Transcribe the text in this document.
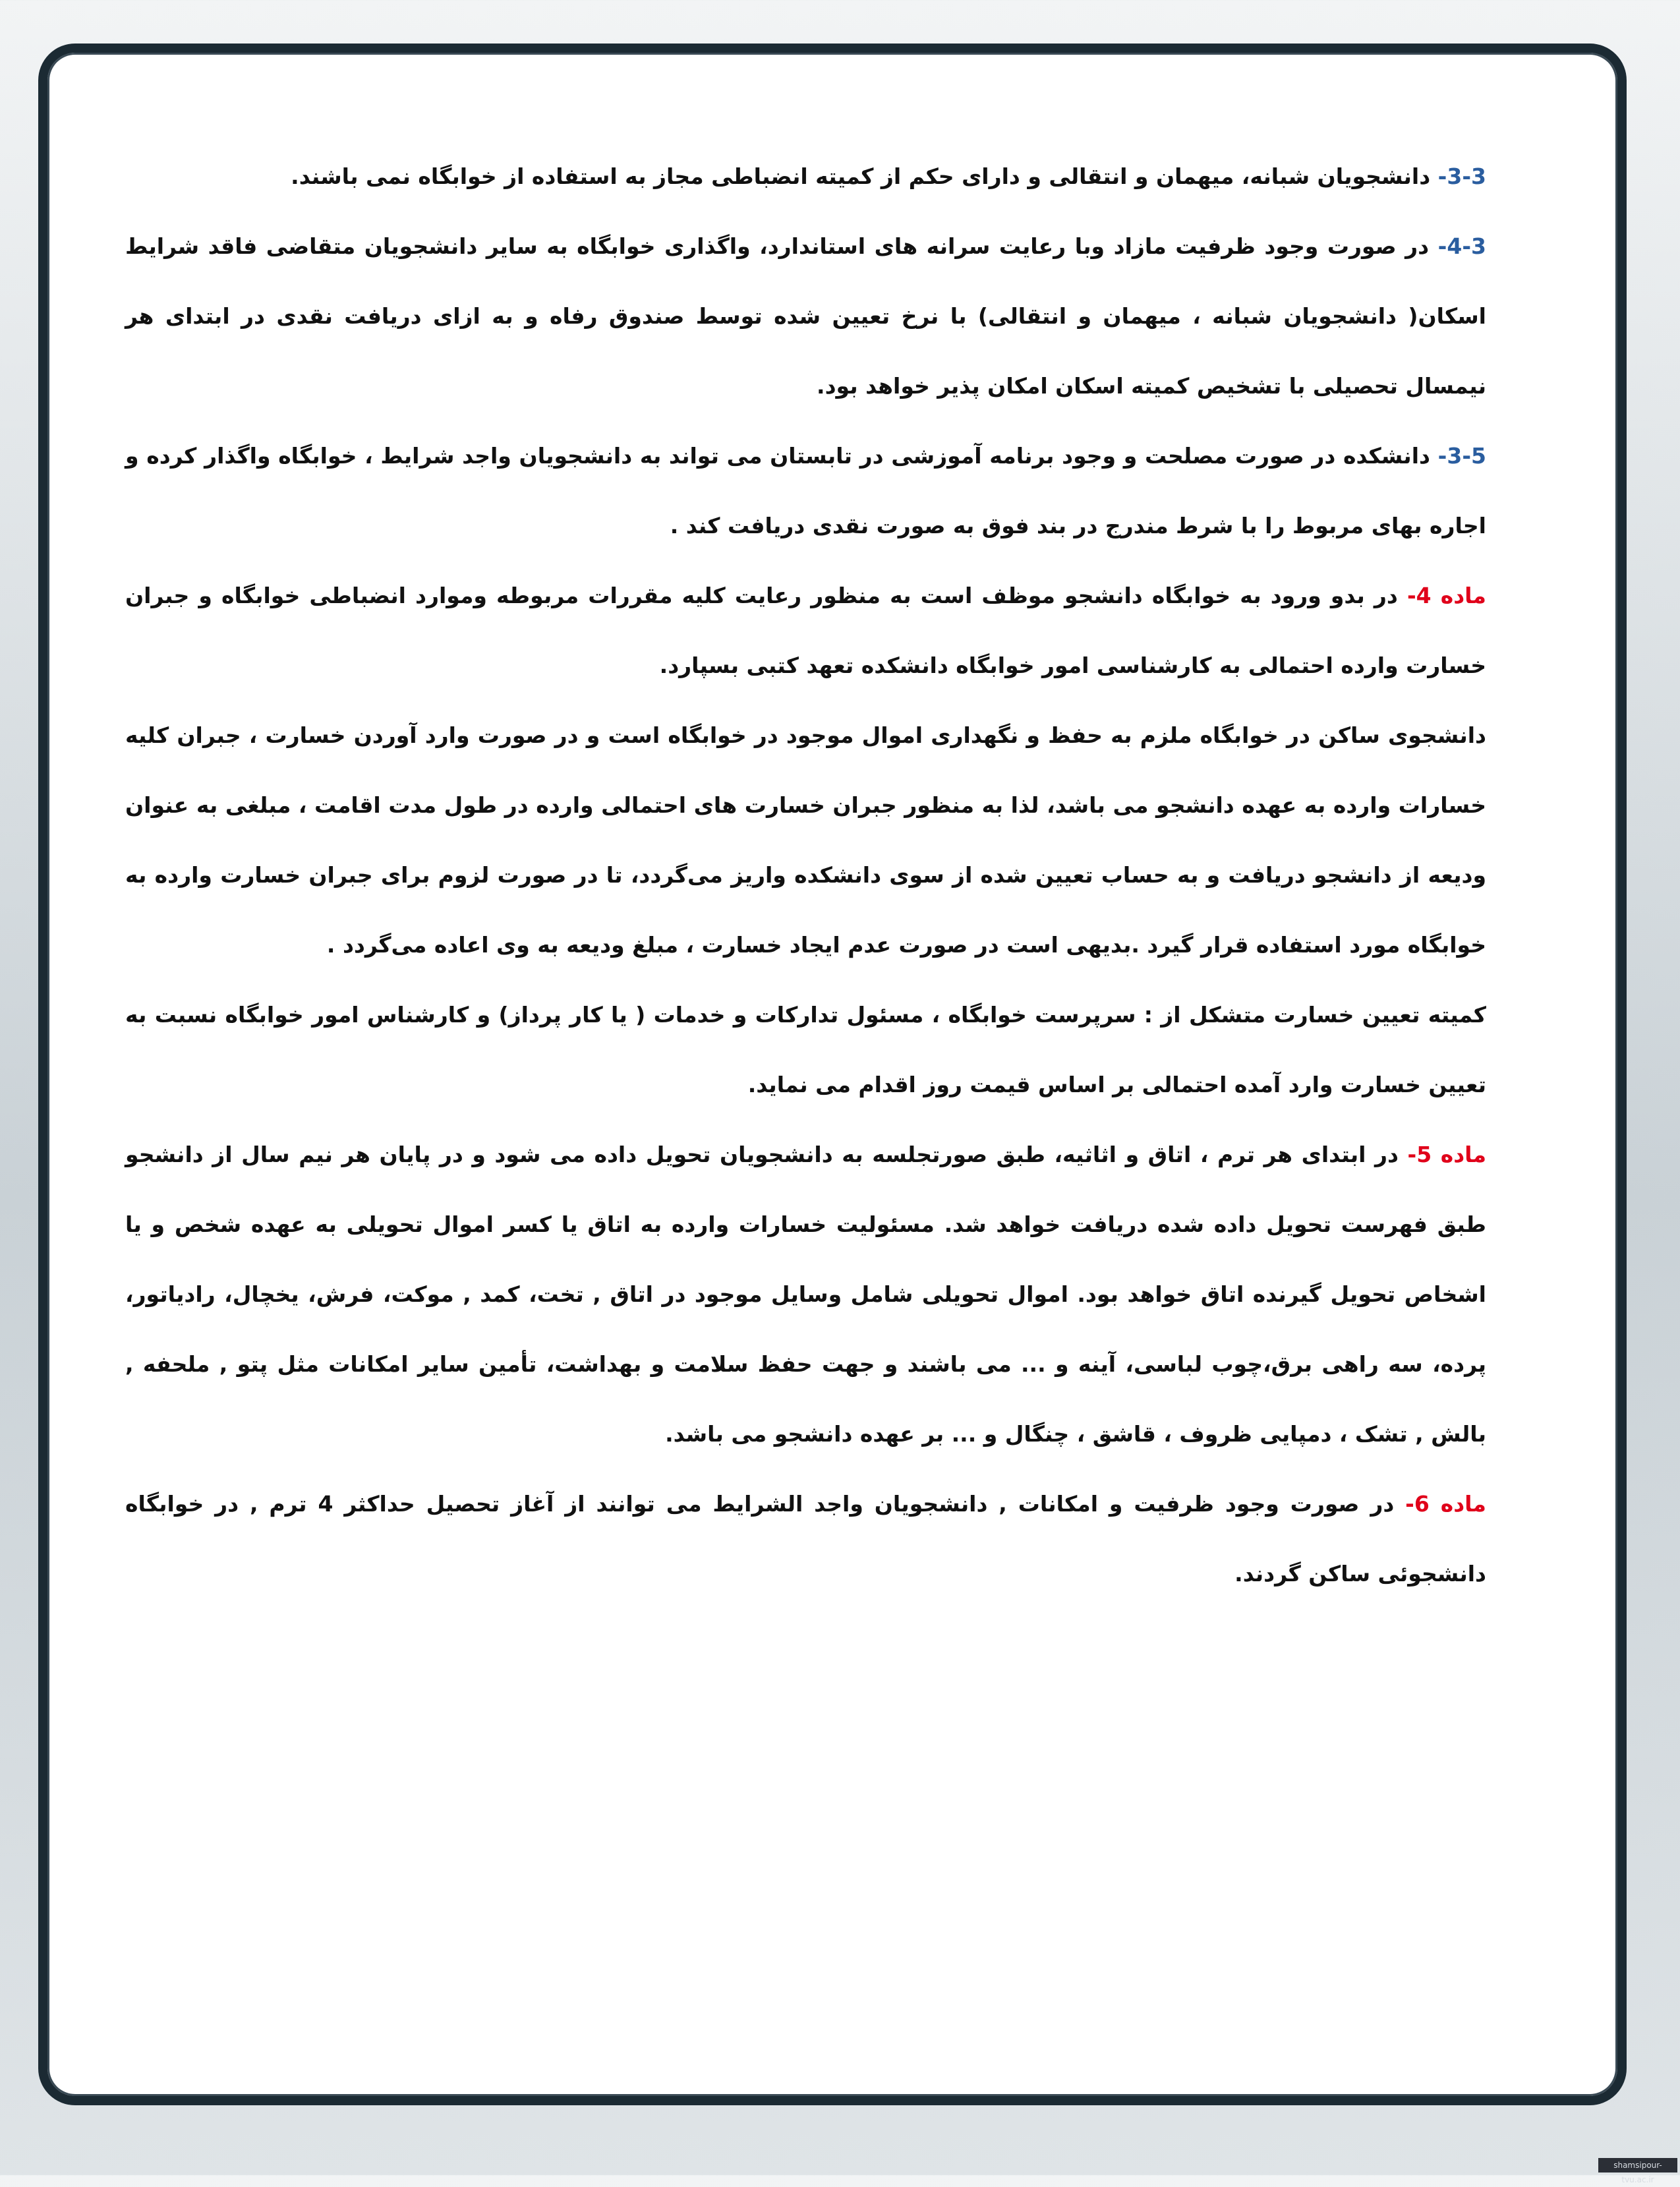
3-3- دانشجویان شبانه، میهمان و انتقالی و دارای حکم از کمیته انضباطی مجاز به استفاده از خوابگاه نمی باشند.

4-3- در صورت وجود ظرفیت مازاد وبا رعایت سرانه های استاندارد، واگذاری خوابگاه به سایر دانشجویان متقاضی فاقد شرایط اسکان( دانشجویان شبانه ، میهمان و انتقالی) با نرخ تعیین شده توسط صندوق رفاه و به ازای دریافت نقدی در ابتدای هر نیمسال تحصیلی با تشخیص کمیته اسکان امکان پذیر خواهد بود.

3-5- دانشکده در صورت مصلحت و وجود برنامه آموزشی در تابستان می تواند به دانشجویان واجد شرایط ، خوابگاه واگذار کرده و اجاره بهای مربوط را با شرط مندرج در بند فوق به صورت نقدی دریافت کند .

ماده 4- در بدو ورود به خوابگاه دانشجو موظف است به منظور رعایت کلیه مقررات مربوطه وموارد انضباطی خوابگاه و جبران خسارت وارده احتمالی به کارشناسی امور خوابگاه دانشکده تعهد کتبی بسپارد.

دانشجوی ساکن در خوابگاه ملزم به حفظ و نگهداری اموال موجود در خوابگاه است و در صورت وارد آوردن خسارت ، جبران کلیه خسارات وارده به عهده دانشجو می باشد، لذا به منظور جبران خسارت های احتمالی وارده در طول مدت اقامت ، مبلغی به عنوان ودیعه از دانشجو دریافت و به حساب تعیین شده از سوی دانشکده واریز می‌گردد، تا در صورت لزوم برای جبران خسارت وارده به خوابگاه مورد استفاده قرار گیرد .بدیهی است در صورت عدم ایجاد خسارت ، مبلغ ودیعه به وی اعاده می‌گردد .

کمیته تعیین خسارت متشکل از : سرپرست خوابگاه ، مسئول تدارکات و خدمات ( یا کار پرداز) و کارشناس امور خوابگاه نسبت به تعیین خسارت وارد آمده احتمالی بر اساس قیمت روز اقدام می نماید.

ماده 5- در ابتدای هر ترم ، اتاق و اثاثیه، طبق صورتجلسه به دانشجویان تحویل داده می شود و در پایان هر نیم سال از دانشجو طبق فهرست تحویل داده شده دریافت خواهد شد. مسئولیت خسارات وارده به اتاق یا کسر اموال تحویلی به عهده شخص و یا اشخاص تحویل گیرنده اتاق خواهد بود. اموال تحویلی شامل وسایل موجود در اتاق , تخت، کمد , موکت، فرش، یخچال، رادیاتور، پرده، سه راهی برق،چوب لباسی، آینه و ... می باشند و جهت حفظ سلامت و بهداشت، تأمین سایر امکانات مثل پتو , ملحفه , بالش , تشک ، دمپایی ظروف ، قاشق ، چنگال و ... بر عهده دانشجو می باشد.

ماده 6- در صورت وجود ظرفیت و امکانات , دانشجویان واجد الشرایط می توانند از آغاز تحصیل حداکثر 4 ترم , در خوابگاه دانشجوئی ساکن گردند.

shamsipour-tvu.ac.ir
